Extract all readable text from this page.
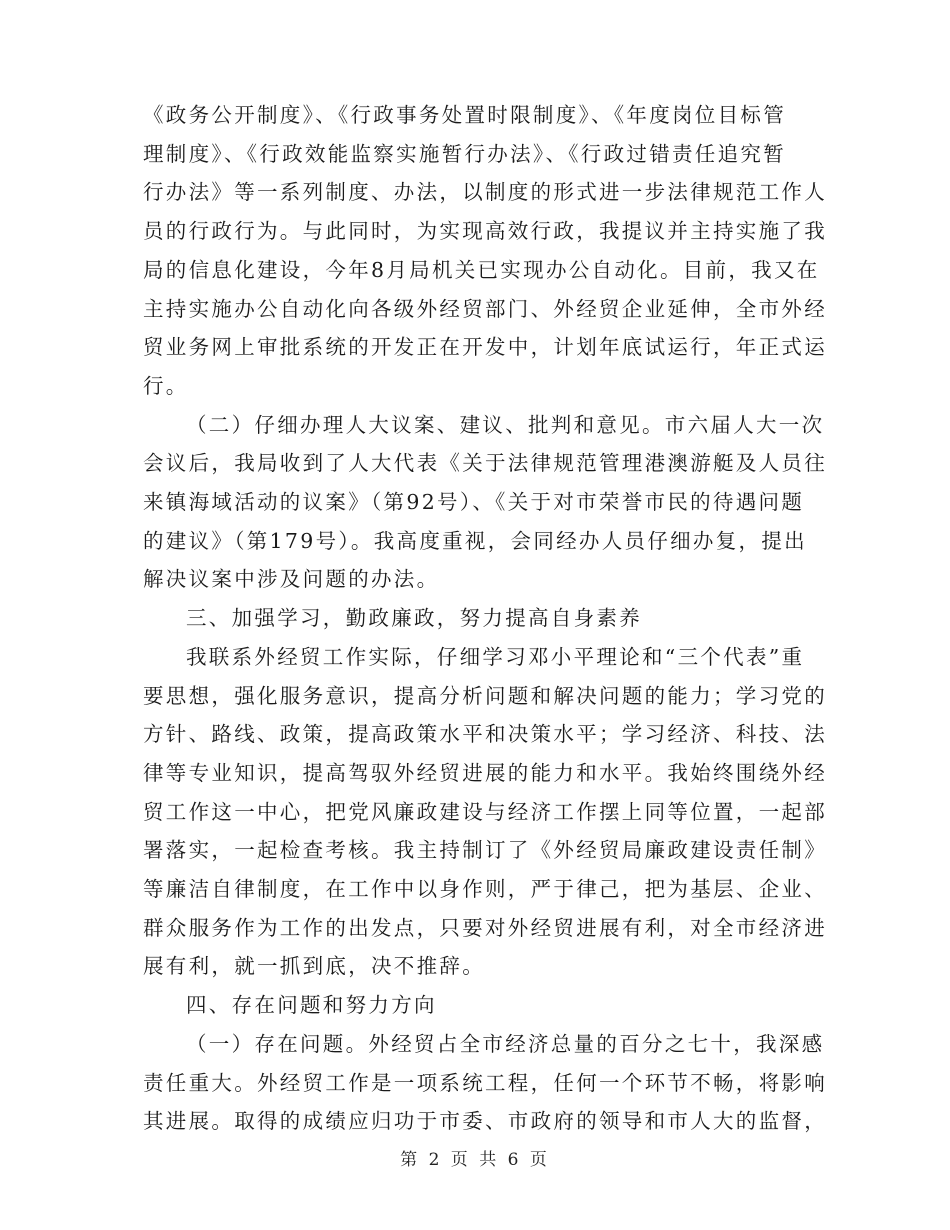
《政务公开制度》、《行政事务处置时限制度》、《年度岗位目标管
理制度》、《行政效能监察实施暂行办法》、《行政过错责任追究暂
行办法》等一系列制度、办法，以制度的形式进一步法律规范工作人
员的行政行为。与此同时，为实现高效行政，我提议并主持实施了我
局的信息化建设，今年8月局机关已实现办公自动化。目前，我又在
主持实施办公自动化向各级外经贸部门、外经贸企业延伸，全市外经
贸业务网上审批系统的开发正在开发中，计划年底试运行，年正式运
行。
（二）仔细办理人大议案、建议、批判和意见。市六届人大一次
会议后，我局收到了人大代表《关于法律规范管理港澳游艇及人员往
来镇海域活动的议案》（第92号）、《关于对市荣誉市民的待遇问题
的建议》（第179号）。我高度重视，会同经办人员仔细办复，提出
解决议案中涉及问题的办法。
三、加强学习，勤政廉政，努力提高自身素养
我联系外经贸工作实际，仔细学习邓小平理论和“三个代表”重
要思想，强化服务意识，提高分析问题和解决问题的能力；学习党的
方针、路线、政策，提高政策水平和决策水平；学习经济、科技、法
律等专业知识，提高驾驭外经贸进展的能力和水平。我始终围绕外经
贸工作这一中心，把党风廉政建设与经济工作摆上同等位置，一起部
署落实，一起检查考核。我主持制订了《外经贸局廉政建设责任制》
等廉洁自律制度，在工作中以身作则，严于律己，把为基层、企业、
群众服务作为工作的出发点，只要对外经贸进展有利，对全市经济进
展有利，就一抓到底，决不推辞。
四、存在问题和努力方向
（一）存在问题。外经贸占全市经济总量的百分之七十，我深感
责任重大。外经贸工作是一项系统工程，任何一个环节不畅，将影响
其进展。取得的成绩应归功于市委、市政府的领导和市人大的监督，
第 2 页 共 6 页
